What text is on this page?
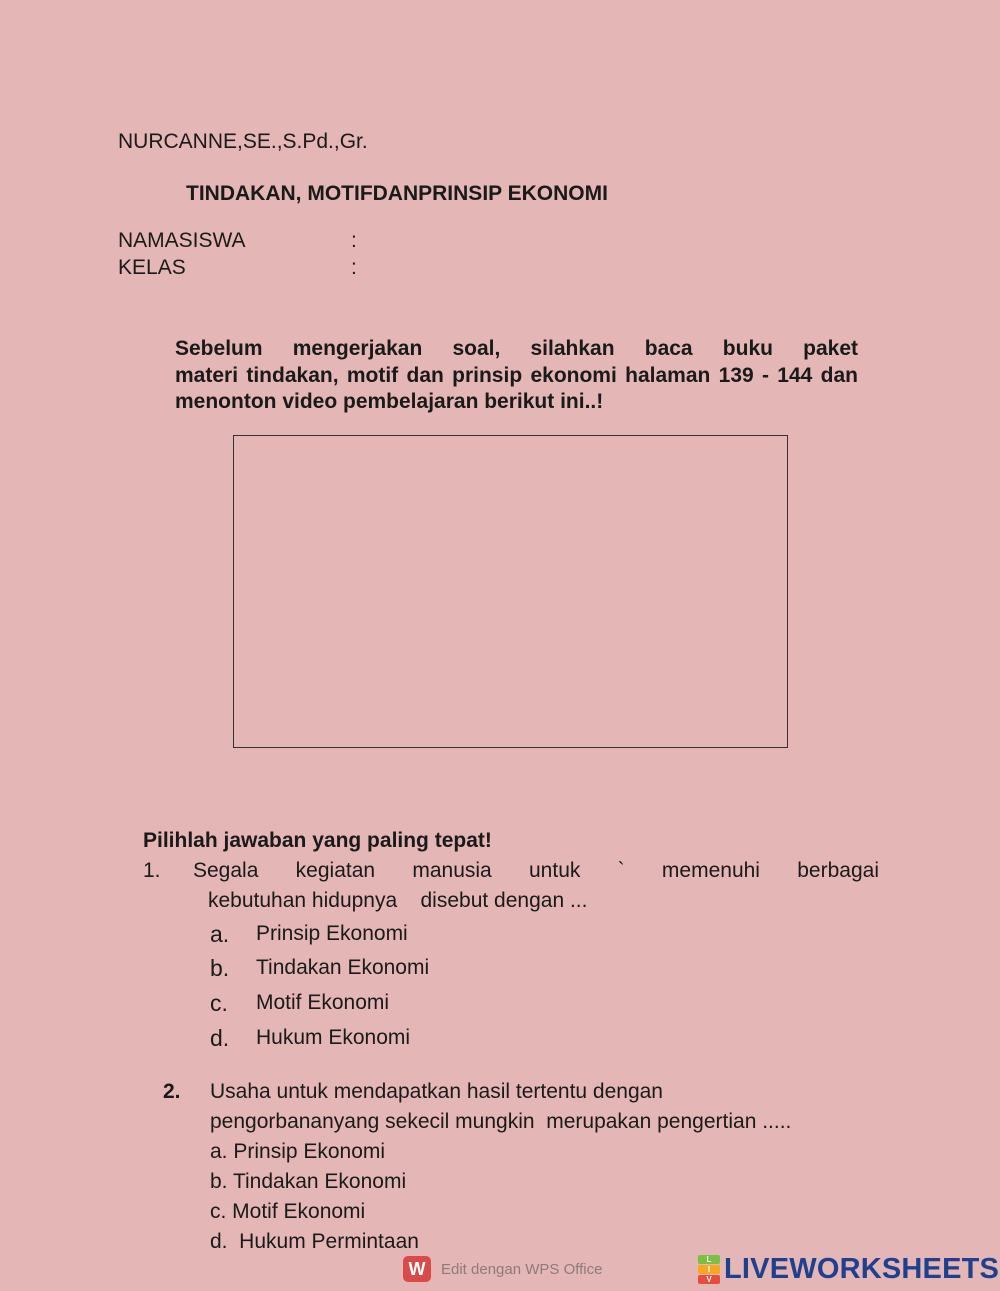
NURCANNE,SE.,S.Pd.,Gr.
TINDAKAN, MOTIFDANPRINSIP EKONOMI
NAMASISWA	:
KELAS	:
Sebelum mengerjakan soal, silahkan baca buku paket
materi tindakan, motif dan prinsip ekonomi halaman 139 - 144 dan
menonton video pembelajaran berikut ini..!
Pilihlah jawaban yang paling tepat!
1. Segala kegiatan manusia untuk ` memenuhi berbagai
kebutuhan hidupnya    disebut dengan ...
a. Prinsip Ekonomi
b. Tindakan Ekonomi
c. Motif Ekonomi
d. Hukum Ekonomi
2. Usaha untuk mendapatkan hasil tertentu dengan
pengorbananyang sekecil mungkin  merupakan pengertian .....
a. Prinsip Ekonomi
b. Tindakan Ekonomi
c. Motif Ekonomi
d.  Hukum Permintaan
W	Edit dengan WPS Office
L
I
V LIVEWORKSHEETS
